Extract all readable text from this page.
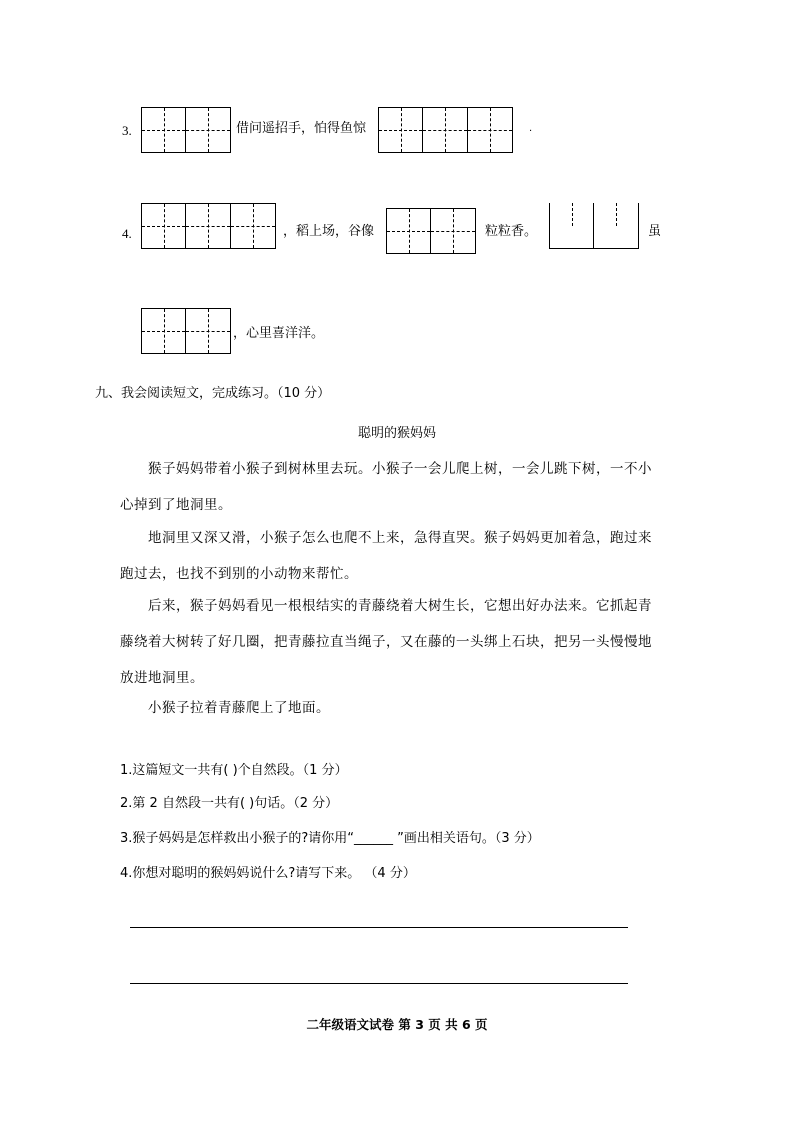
3.	借问遥招手，怕得鱼惊	.
4.	，稻上场，谷像	粒粒香。	虽
，心里喜洋洋。
九、我会阅读短文，完成练习。（10 分）
聪明的猴妈妈
猴子妈妈带着小猴子到树林里去玩。小猴子一会儿爬上树，一会儿跳下树，一不小心掉到了地洞里。
地洞里又深又滑，小猴子怎么也爬不上来，急得直哭。猴子妈妈更加着急，跑过来跑过去，也找不到别的小动物来帮忙。
后来，猴子妈妈看见一根根结实的青藤绕着大树生长，它想出好办法来。它抓起青藤绕着大树转了好几圈，把青藤拉直当绳子，又在藤的一头绑上石块，把另一头慢慢地放进地洞里。
小猴子拉着青藤爬上了地面。
1.这篇短文一共有( )个自然段。（1 分）
2.第 2 自然段一共有( )句话。（2 分）
3.猴子妈妈是怎样救出小猴子的?请你用“______ ”画出相关语句。（3 分）
4.你想对聪明的猴妈妈说什么?请写下来。 （4 分）
二年级语文试卷 第 3 页 共 6 页
